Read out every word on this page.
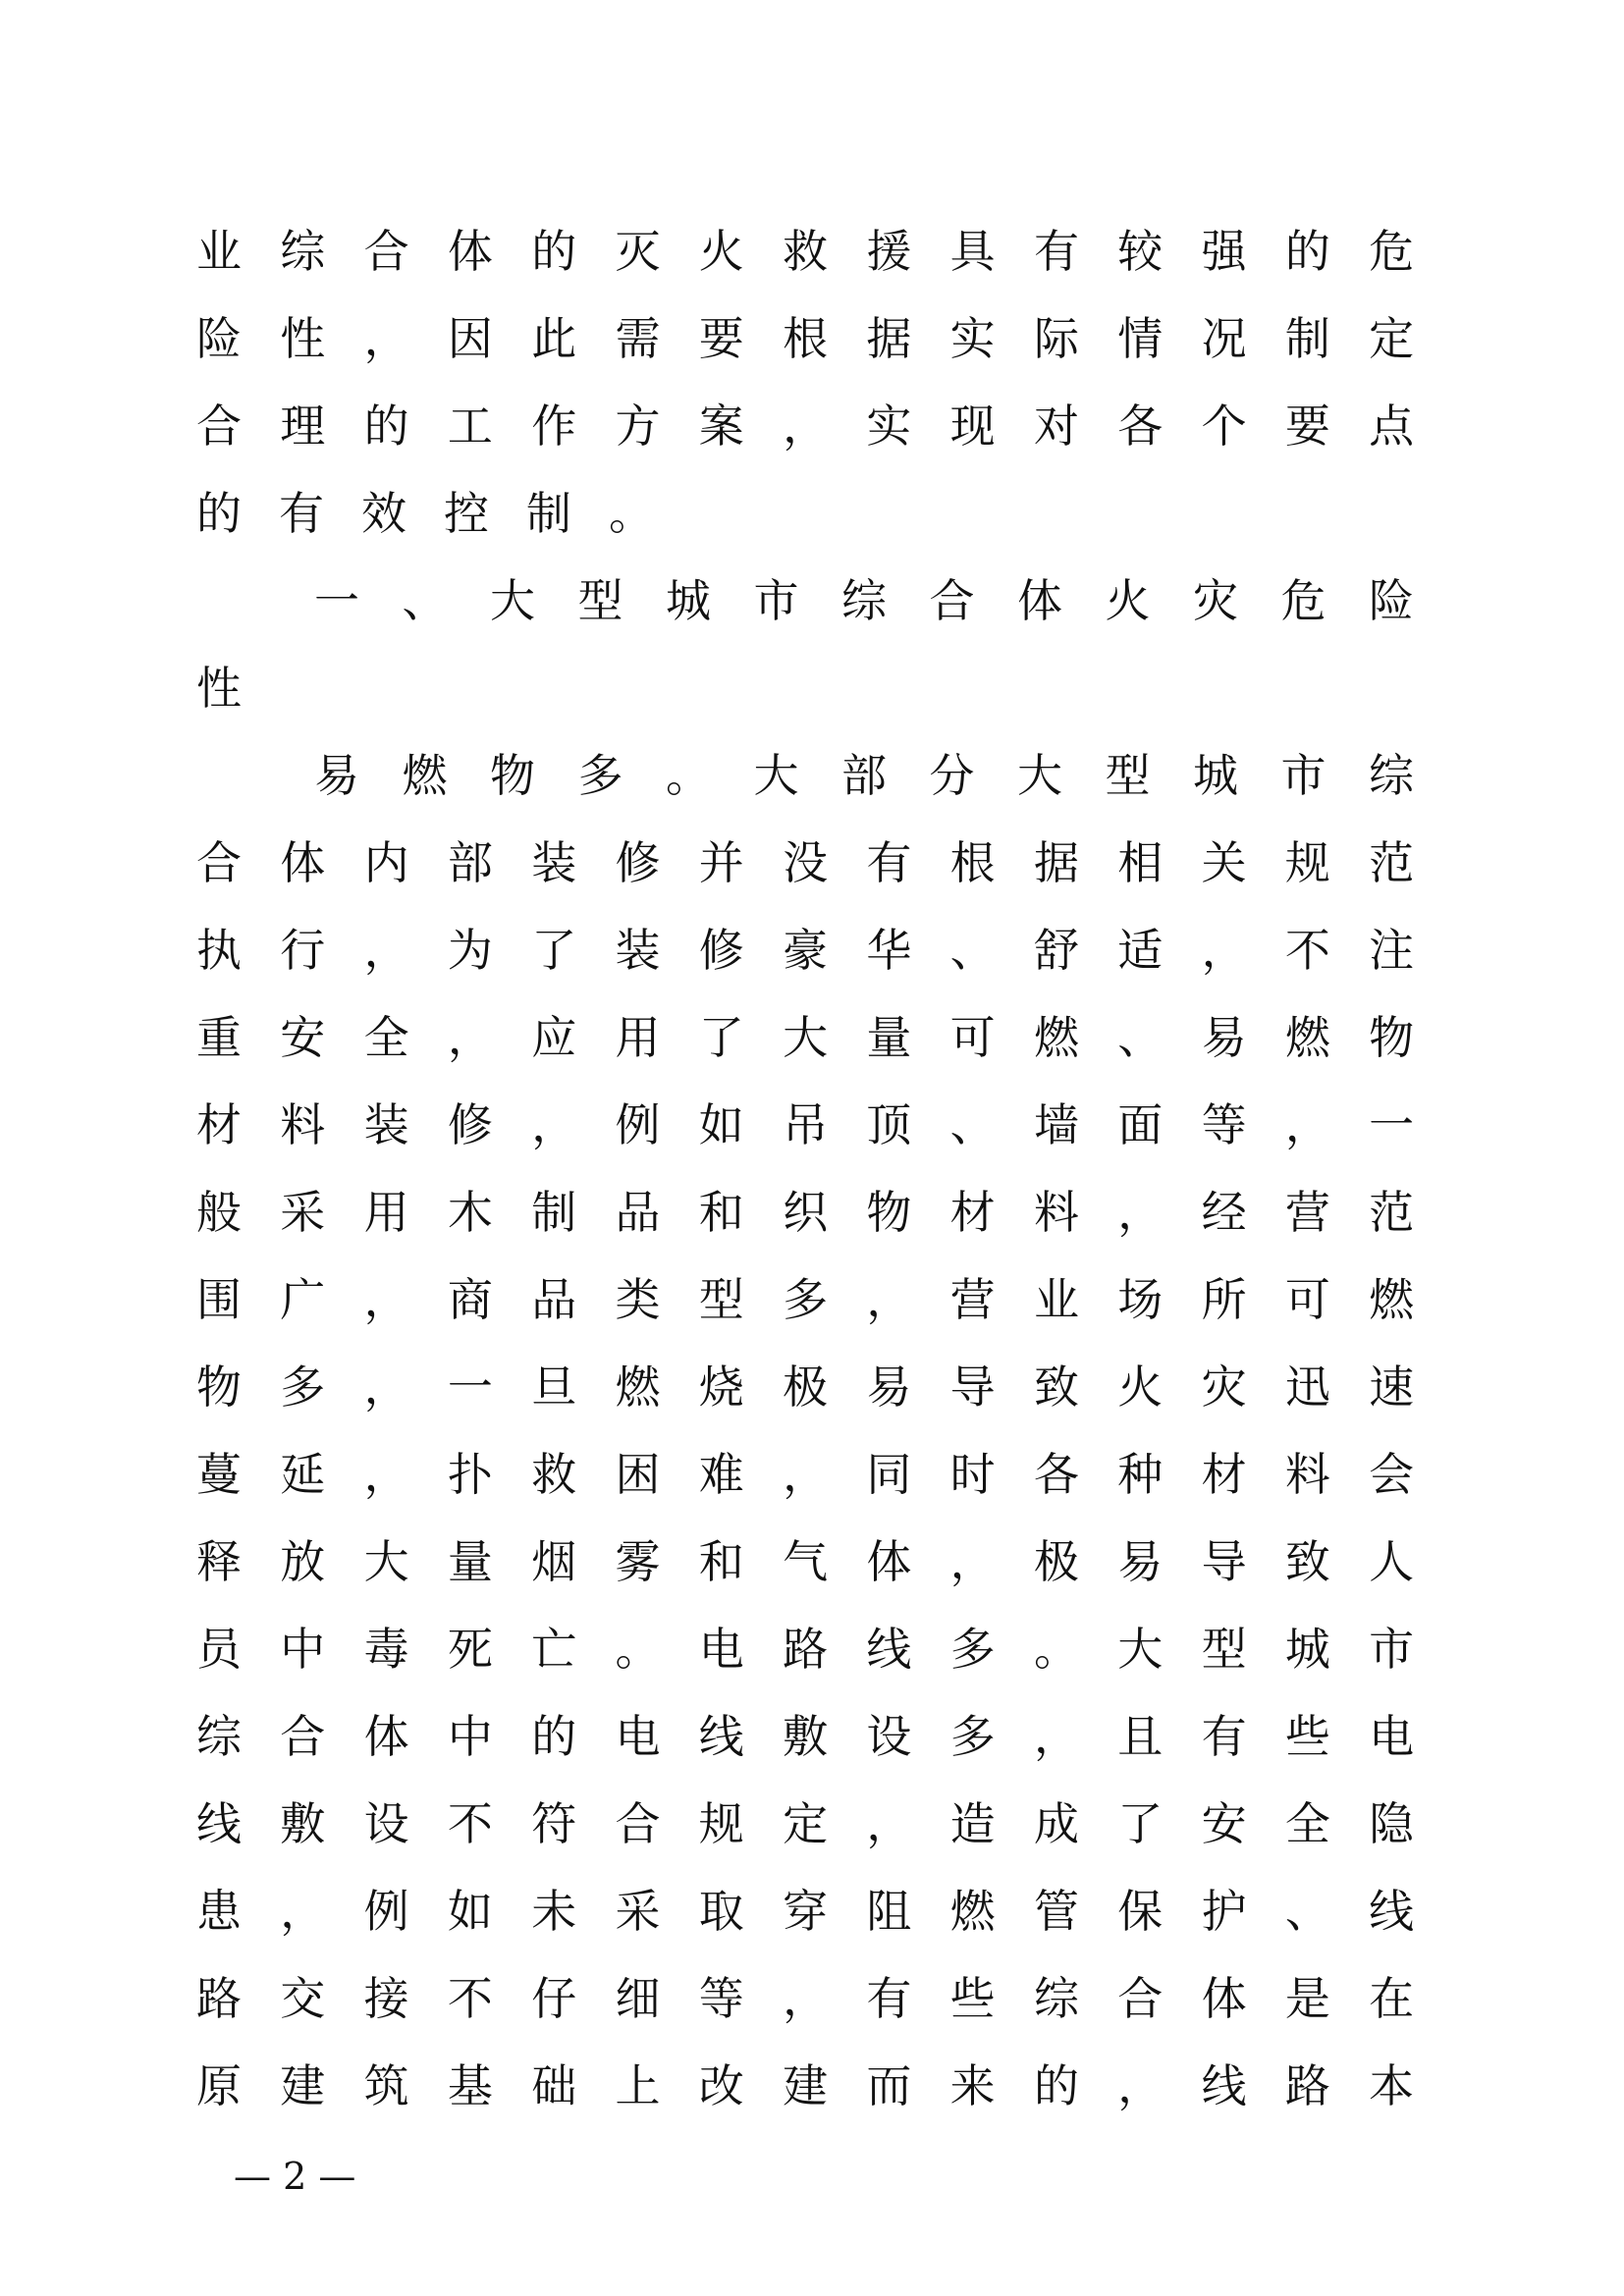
业 综 合 体 的 灭 火 救 援 具 有 较 强 的 危
险 性 ， 因 此 需 要 根 据 实 际 情 况 制 定
合 理 的 工 作 方 案 ， 实 现 对 各 个 要 点
的有效控制。
一 、 大 型 城 市 综 合 体 火 灾 危 险
性
易 燃 物 多 。 大 部 分 大 型 城 市 综
合 体 内 部 装 修 并 没 有 根 据 相 关 规 范
执 行 ， 为 了 装 修 豪 华 、 舒 适 ， 不 注
重 安 全 ， 应 用 了 大 量 可 燃 、 易 燃 物
材 料 装 修 ， 例 如 吊 顶 、 墙 面 等 ， 一
般 采 用 木 制 品 和 织 物 材 料 ， 经 营 范
围 广 ， 商 品 类 型 多 ， 营 业 场 所 可 燃
物 多 ， 一 旦 燃 烧 极 易 导 致 火 灾 迅 速
蔓 延 ， 扑 救 困 难 ， 同 时 各 种 材 料 会
释 放 大 量 烟 雾 和 气 体 ， 极 易 导 致 人
员 中 毒 死 亡 。 电 路 线 多 。 大 型 城 市
综 合 体 中 的 电 线 敷 设 多 ， 且 有 些 电
线 敷 设 不 符 合 规 定 ， 造 成 了 安 全 隐
患 ， 例 如 未 采 取 穿 阻 燃 管 保 护 、 线
路 交 接 不 仔 细 等 ， 有 些 综 合 体 是 在
原 建 筑 基 础 上 改 建 而 来 的 ， 线 路 本
— 2 —
